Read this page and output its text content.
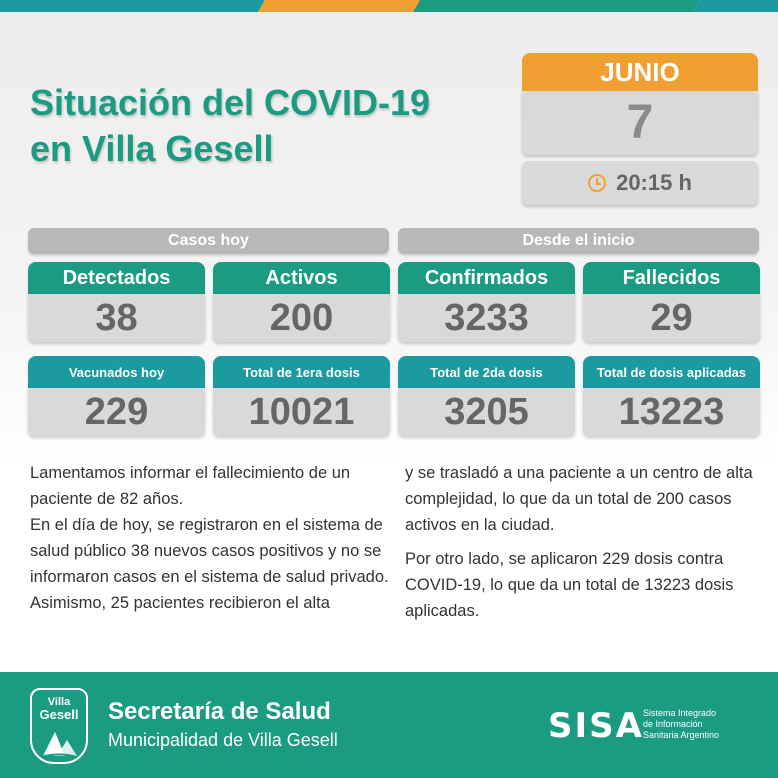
Situación del COVID-19
en Villa Gesell
JUNIO
7
20:15 h
Casos hoy	Desde el inicio
Detectados
38
Activos
200
Confirmados
3233
Fallecidos
29
Vacunados hoy
229
Total de 1era dosis
10021
Total de 2da dosis
3205
Total de dosis aplicadas
13223

Lamentamos informar el fallecimiento de un paciente de 82 años.

En el día de hoy, se registraron en el sistema de salud público 38 nuevos casos positivos y no se informaron casos en el sistema de salud privado.

Asimismo, 25 pacientes recibieron el alta

y se trasladó a una paciente a un centro de alta complejidad, lo que da un total de 200 casos activos en la ciudad.

Por otro lado, se aplicaron 229 dosis contra COVID-19, lo que da un total de 13223 dosis aplicadas.

Villa
Gesell	Secretaría de Salud
Municipalidad de Villa Gesell	SISA Sistema Integrado
de Información
Sanitaria Argentino
